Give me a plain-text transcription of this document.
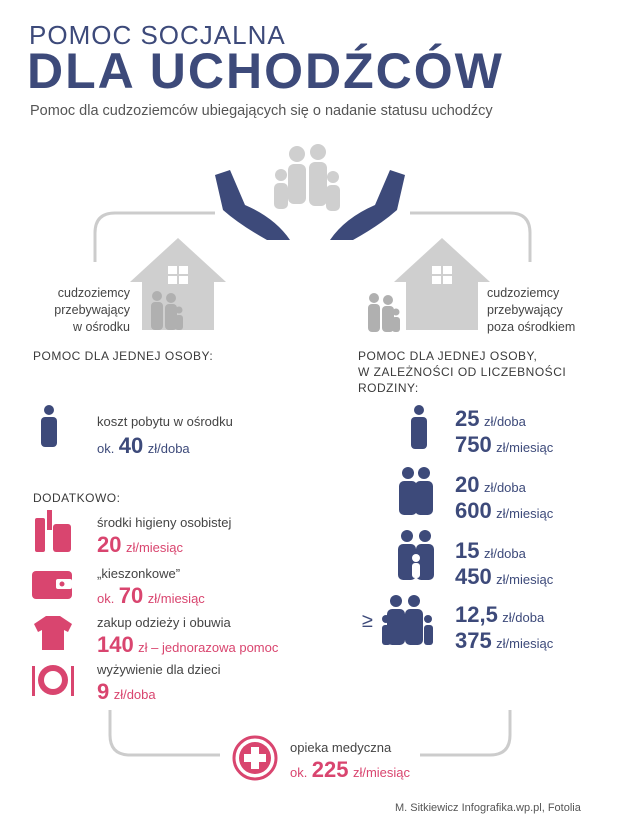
POMOC SOCJALNA
DLA UCHODŹCÓW
Pomoc dla cudzoziemców ubiegających się o nadanie statusu uchodźcy
cudzoziemcy
przebywający
w ośrodku
cudzoziemcy
przebywający
poza ośrodkiem
POMOC DLA JEDNEJ OSOBY:
koszt pobytu w ośrodku
ok. 40 zł/doba
DODATKOWO:
środki higieny osobistej
20 zł/miesiąc
„kieszonkowe”
ok. 70 zł/miesiąc
zakup odzieży i obuwia
140 zł – jednorazowa pomoc
wyżywienie dla dzieci
9 zł/doba
POMOC DLA JEDNEJ OSOBY,
W ZALEŻNOŚCI OD LICZEBNOŚCI
RODZINY:
≥
25 zł/doba
750 zł/miesiąc
20 zł/doba
600 zł/miesiąc
15 zł/doba
450 zł/miesiąc
12,5 zł/doba
375 zł/miesiąc
opieka medyczna
ok. 225 zł/miesiąc
M. Sitkiewicz Infografika.wp.pl, Fotolia
